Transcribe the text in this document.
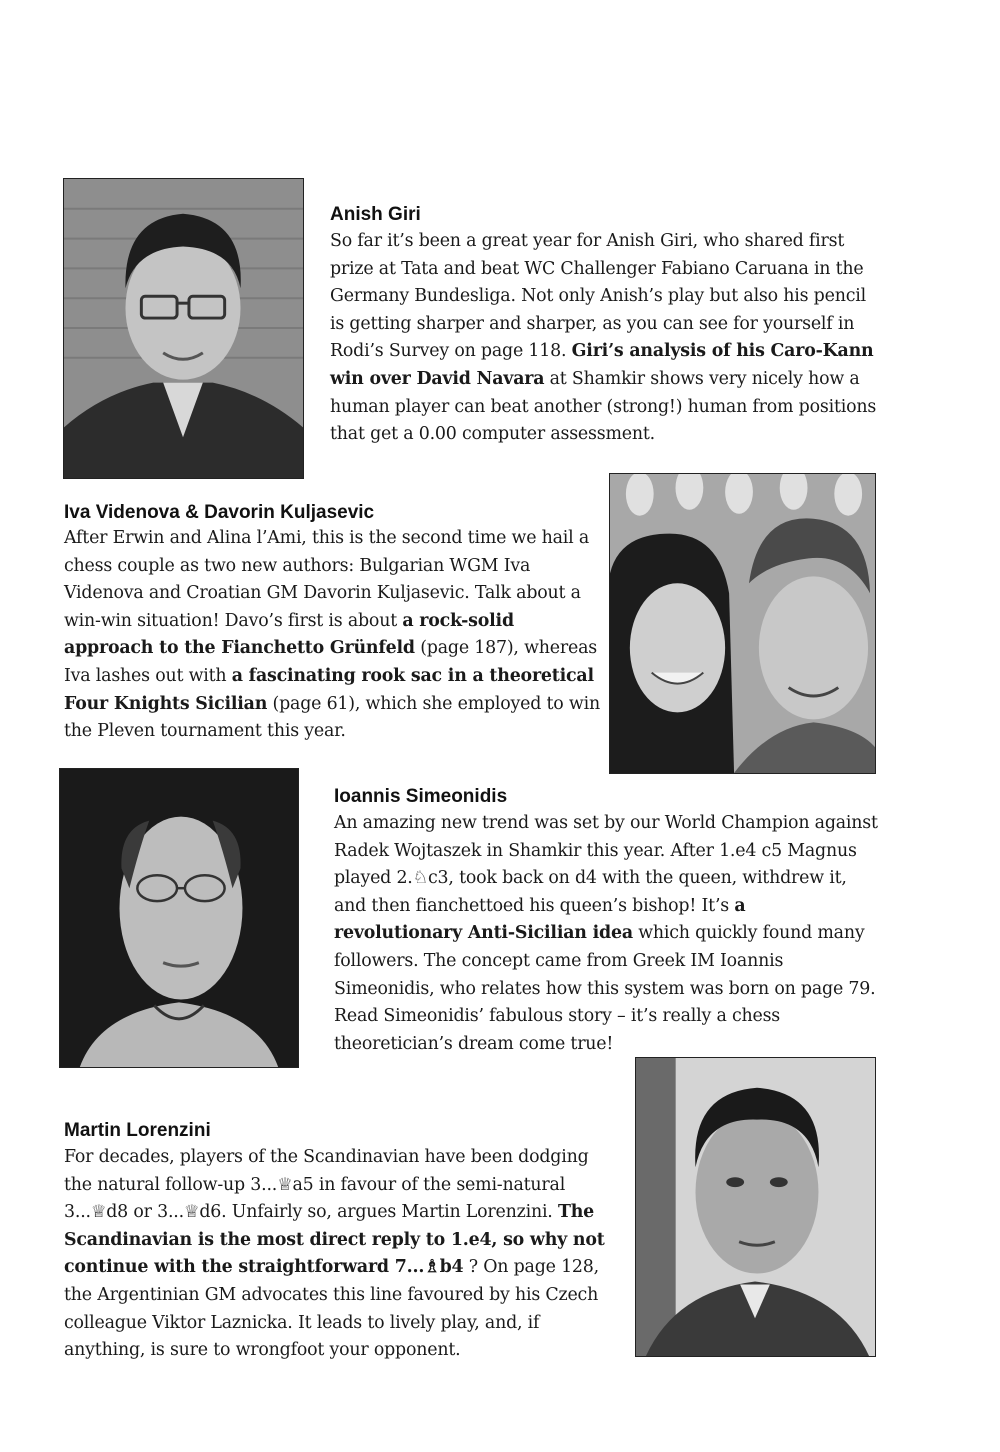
Anish Giri

So far it’s been a great year for Anish Giri, who shared first prize at Tata and beat WC Challenger Fabiano Caruana in the Germany Bundesliga. Not only Anish’s play but also his pencil is getting sharper and sharper, as you can see for yourself in Rodi’s Survey on page 118. Giri’s analysis of his Caro-Kann win over David Navara at Shamkir shows very nicely how a human player can beat another (strong!) human from positions that get a 0.00 computer assessment.

Iva Videnova & Davorin Kuljasevic

After Erwin and Alina l’Ami, this is the second time we hail a chess couple as two new authors: Bulgarian WGM Iva Videnova and Croatian GM Davorin Kuljasevic. Talk about a win-win situation! Davo’s first is about a rock-solid approach to the Fianchetto Grünfeld (page 187), whereas Iva lashes out with a fascinating rook sac in a theoretical Four Knights Sicilian (page 61), which she employed to win the Pleven tournament this year.

Ioannis Simeonidis

An amazing new trend was set by our World Champion against Radek Wojtaszek in Shamkir this year. After 1.e4 c5 Magnus played 2.♘c3, took back on d4 with the queen, withdrew it, and then fianchettoed his queen’s bishop! It’s a revolutionary Anti-Sicilian idea which quickly found many followers. The concept came from Greek IM Ioannis Simeonidis, who relates how this system was born on page 79. Read Simeonidis’ fabulous story – it’s really a chess theoretician’s dream come true!

Martin Lorenzini

For decades, players of the Scandinavian have been dodging the natural follow-up 3...♕a5 in favour of the semi-natural 3...♕d8 or 3...♕d6. Unfairly so, argues Martin Lorenzini. The Scandinavian is the most direct reply to 1.e4, so why not continue with the straightforward 7...♗b4 ? On page 128, the Argentinian GM advocates this line favoured by his Czech colleague Viktor Laznicka. It leads to lively play, and, if anything, is sure to wrongfoot your opponent.
